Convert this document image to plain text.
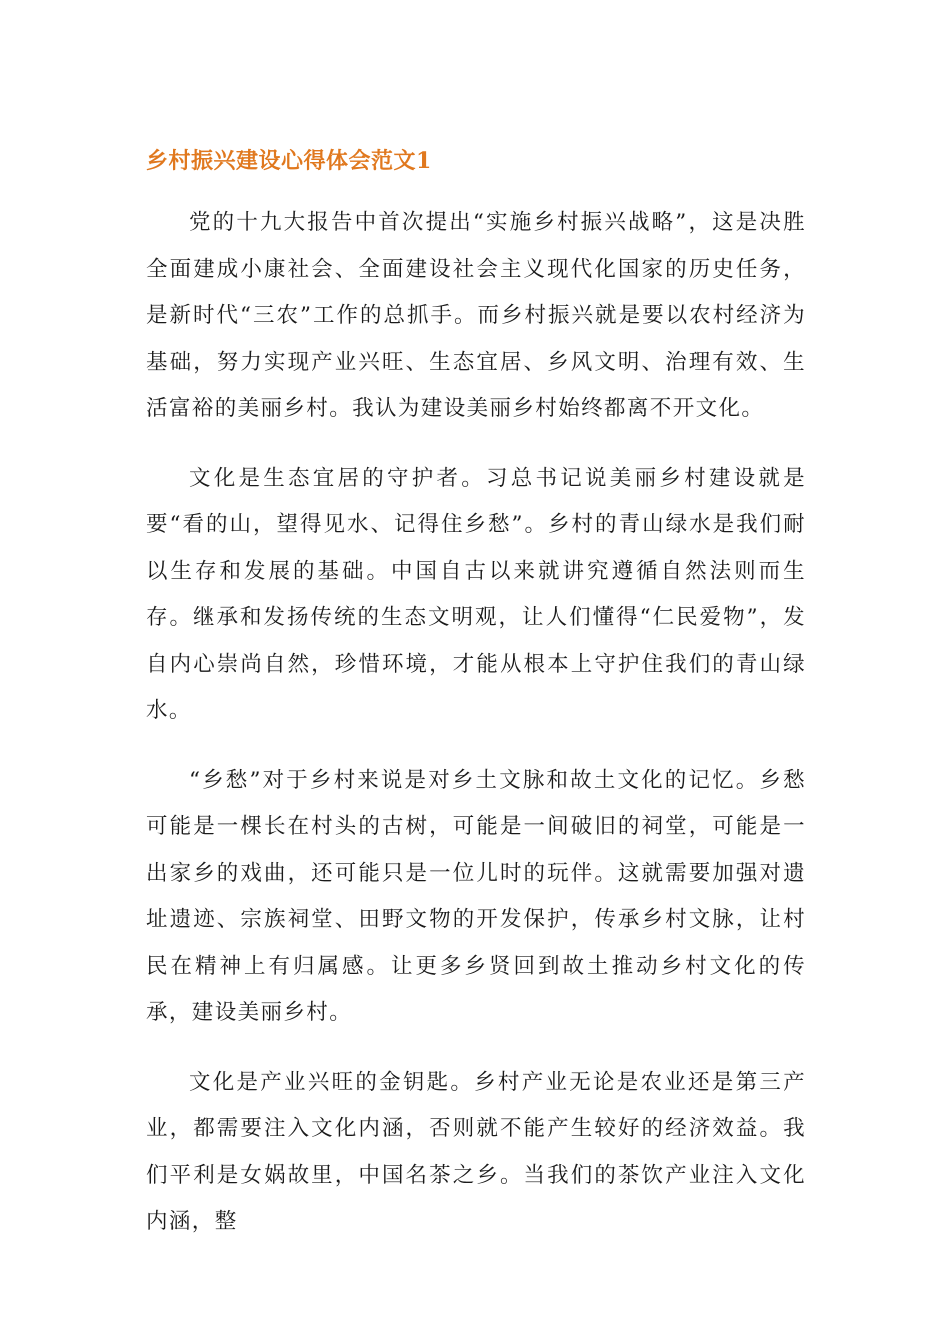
乡村振兴建设心得体会范文1

党的十九大报告中首次提出“实施乡村振兴战略”，这是决胜全面建成小康社会、全面建设社会主义现代化国家的历史任务，是新时代“三农”工作的总抓手。而乡村振兴就是要以农村经济为基础，努力实现产业兴旺、生态宜居、乡风文明、治理有效、生活富裕的美丽乡村。我认为建设美丽乡村始终都离不开文化。

文化是生态宜居的守护者。习总书记说美丽乡村建设就是要“看的山，望得见水、记得住乡愁”。乡村的青山绿水是我们耐以生存和发展的基础。中国自古以来就讲究遵循自然法则而生存。继承和发扬传统的生态文明观，让人们懂得“仁民爱物”，发自内心崇尚自然，珍惜环境，才能从根本上守护住我们的青山绿水。

“乡愁”对于乡村来说是对乡土文脉和故土文化的记忆。乡愁可能是一棵长在村头的古树，可能是一间破旧的祠堂，可能是一出家乡的戏曲，还可能只是一位儿时的玩伴。这就需要加强对遗址遗迹、宗族祠堂、田野文物的开发保护，传承乡村文脉，让村民在精神上有归属感。让更多乡贤回到故土推动乡村文化的传承，建设美丽乡村。

文化是产业兴旺的金钥匙。乡村产业无论是农业还是第三产业，都需要注入文化内涵，否则就不能产生较好的经济效益。我们平利是女娲故里，中国名茶之乡。当我们的茶饮产业注入文化内涵，整
